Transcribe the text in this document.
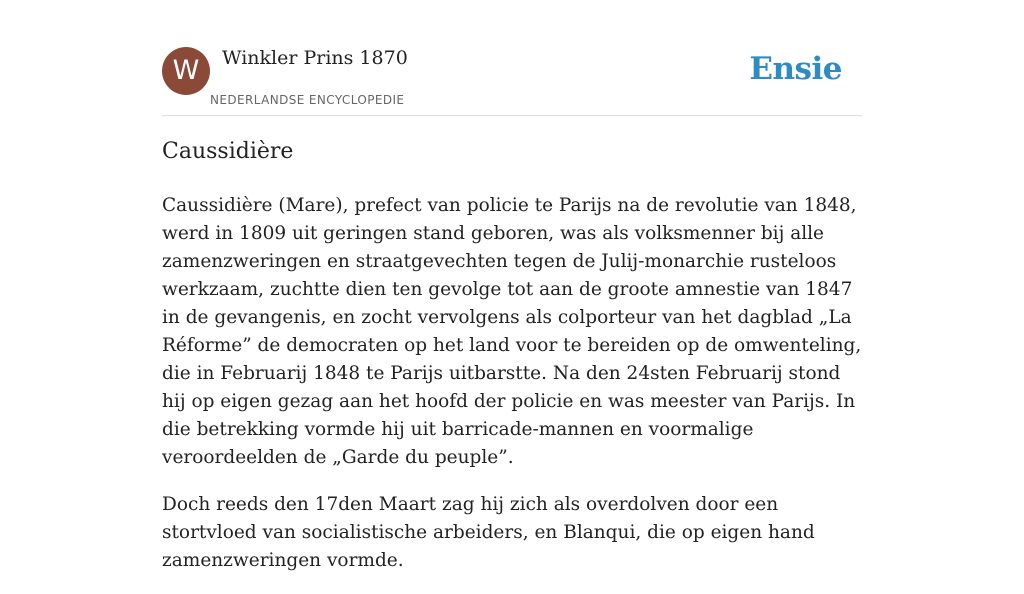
W	Winkler Prins 1870
NEDERLANDSE ENCYCLOPEDIE
Ensie
Caussidière

Caussidière (Mare), prefect van policie te Parijs na de revolutie van 1848, werd in 1809 uit geringen stand geboren, was als volksmenner bij alle zamenzweringen en straatgevechten tegen de Julij-monarchie rusteloos werkzaam, zuchtte dien ten gevolge tot aan de groote amnestie van 1847 in de gevangenis, en zocht vervolgens als colporteur van het dagblad „La Réforme” de democraten op het land voor te bereiden op de omwenteling, die in Februarij 1848 te Parijs uitbarstte. Na den 24sten Februarij stond hij op eigen gezag aan het hoofd der policie en was meester van Parijs. In die betrekking vormde hij uit barricade-mannen en voormalige veroordeelden de „Garde du peuple”.

Doch reeds den 17den Maart zag hij zich als overdolven door een stortvloed van socialistische arbeiders, en Blanqui, die op eigen hand zamenzweringen vormde.
